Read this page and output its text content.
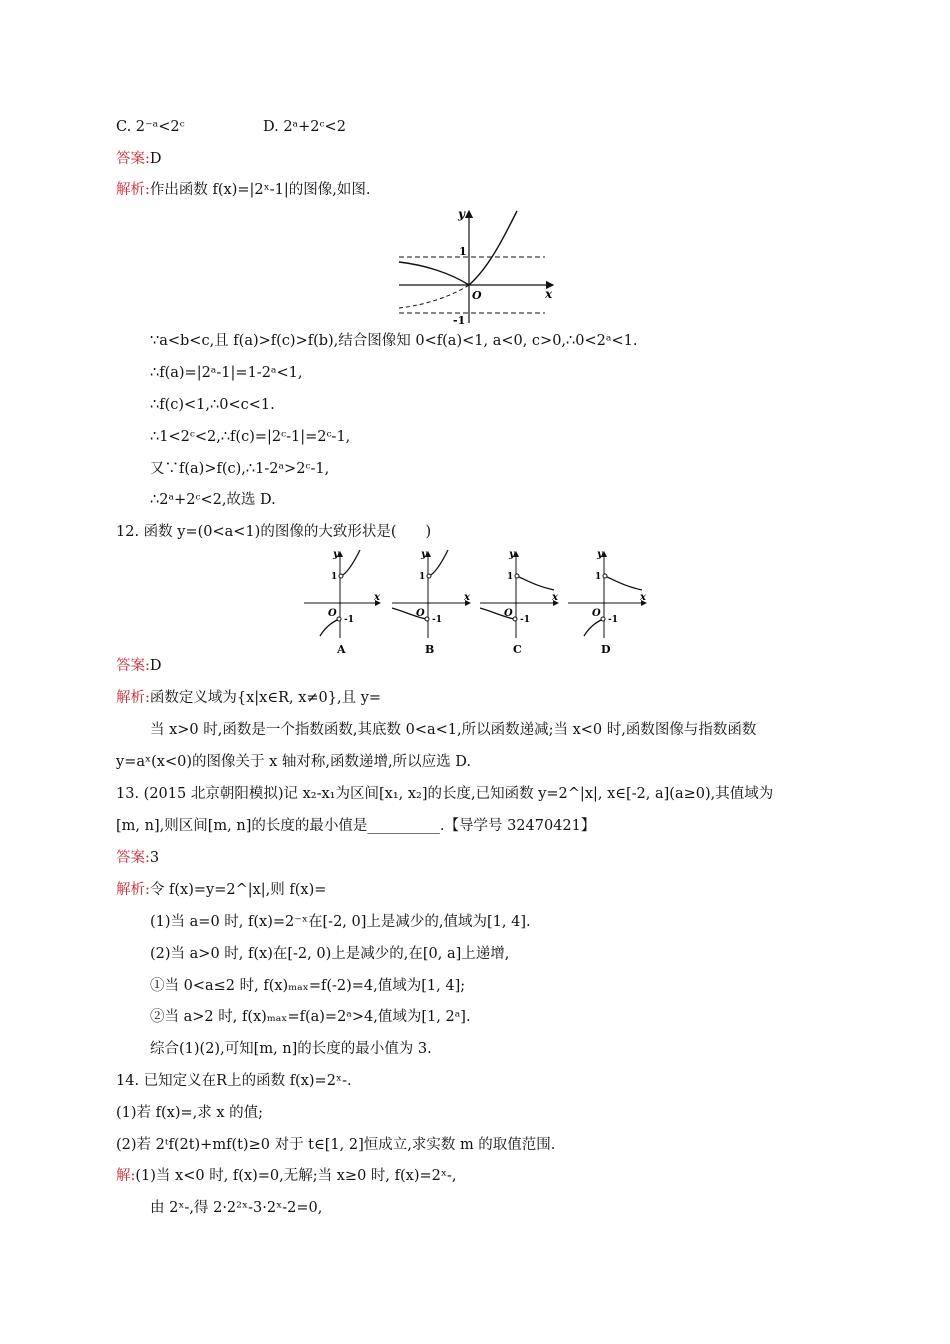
C. 2⁻ᵃ<2ᶜ	D. 2ᵃ+2ᶜ<2
答案:D
解析:作出函数 f(x)=|2ˣ-1|的图像,如图.
y
x
O
1
-1
∵a<b<c,且 f(a)>f(c)>f(b),结合图像知 0<f(a)<1, a<0, c>0,∴0<2ᵃ<1.
∴f(a)=|2ᵃ-1|=1-2ᵃ<1,
∴f(c)<1,∴0<c<1.
∴1<2ᶜ<2,∴f(c)=|2ᶜ-1|=2ᶜ-1,
又∵f(a)>f(c),∴1-2ᵃ>2ᶜ-1,
∴2ᵃ+2ᶜ<2,故选 D.
12. 函数 y=(0<a<1)的图像的大致形状是(　　)
y
x
O
1
-1
A
y
x
O
1
-1
B
y
x
O
1
-1
C
y
x
O
1
-1
D
答案:D
解析:函数定义域为{x|x∈R, x≠0},且 y=
当 x>0 时,函数是一个指数函数,其底数 0<a<1,所以函数递减;当 x<0 时,函数图像与指数函数
y=aˣ(x<0)的图像关于 x 轴对称,函数递增,所以应选 D.
13. (2015 北京朝阳模拟)记 x₂-x₁为区间[x₁, x₂]的长度,已知函数 y=2^|x|, x∈[-2, a](a≥0),其值域为
[m, n],则区间[m, n]的长度的最小值是__________.【导学号 32470421】
答案:3
解析:令 f(x)=y=2^|x|,则 f(x)=
(1)当 a=0 时, f(x)=2⁻ˣ在[-2, 0]上是减少的,值域为[1, 4].
(2)当 a>0 时, f(x)在[-2, 0)上是减少的,在[0, a]上递增,
①当 0<a≤2 时, f(x)ₘₐₓ=f(-2)=4,值域为[1, 4];
②当 a>2 时, f(x)ₘₐₓ=f(a)=2ᵃ>4,值域为[1, 2ᵃ].
综合(1)(2),可知[m, n]的长度的最小值为 3.
14. 已知定义在R上的函数 f(x)=2ˣ-.
(1)若 f(x)=,求 x 的值;
(2)若 2ᵗf(2t)+mf(t)≥0 对于 t∈[1, 2]恒成立,求实数 m 的取值范围.
解:(1)当 x<0 时, f(x)=0,无解;当 x≥0 时, f(x)=2ˣ-,
由 2ˣ-,得 2·2²ˣ-3·2ˣ-2=0,
